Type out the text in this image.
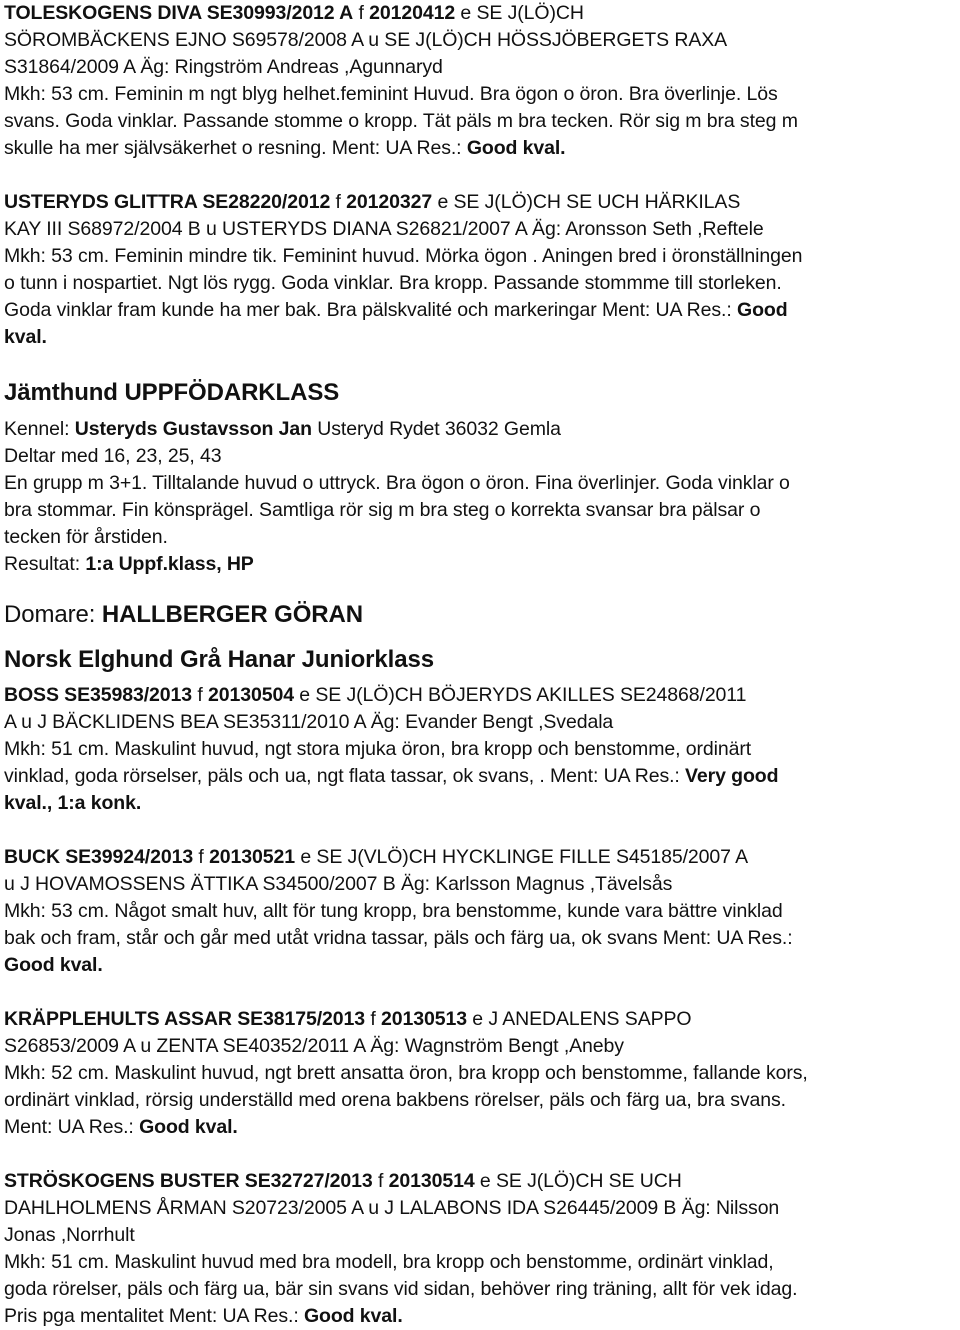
TOLESKOGENS DIVA SE30993/2012 A f 20120412 e SE J(LÖ)CH
SÖROMBÄCKENS EJNO S69578/2008 A u SE J(LÖ)CH HÖSSJÖBERGETS RAXA
S31864/2009 A Äg: Ringström Andreas ,Agunnaryd
Mkh: 53 cm. Feminin m ngt blyg helhet.feminint Huvud. Bra ögon o öron. Bra överlinje. Lös
svans. Goda vinklar. Passande stomme o kropp. Tät päls m bra tecken. Rör sig m bra steg m
skulle ha mer självsäkerhet o resning. Ment: UA Res.: Good kval.
USTERYDS GLITTRA SE28220/2012 f 20120327 e SE J(LÖ)CH SE UCH HÄRKILAS
KAY III S68972/2004 B u USTERYDS DIANA S26821/2007 A Äg: Aronsson Seth ,Reftele
Mkh: 53 cm. Feminin mindre tik. Feminint huvud. Mörka ögon . Aningen bred i öronställningen
o tunn i nospartiet. Ngt lös rygg. Goda vinklar. Bra kropp. Passande stommme till storleken.
Goda vinklar fram kunde ha mer bak. Bra pälskvalité och markeringar Ment: UA Res.: Good
kval.
Jämthund UPPFÖDARKLASS
Kennel: Usteryds Gustavsson Jan Usteryd Rydet 36032 Gemla
Deltar med 16, 23, 25, 43
En grupp m 3+1. Tilltalande huvud o uttryck. Bra ögon o öron. Fina överlinjer. Goda vinklar o
bra stommar. Fin könsprägel. Samtliga rör sig m bra steg o korrekta svansar bra pälsar o
tecken för årstiden.
Resultat: 1:a Uppf.klass, HP
Domare: HALLBERGER GÖRAN
Norsk Elghund Grå Hanar Juniorklass
BOSS SE35983/2013 f 20130504 e SE J(LÖ)CH BÖJERYDS AKILLES SE24868/2011
A u J BÄCKLIDENS BEA SE35311/2010 A Äg: Evander Bengt ,Svedala
Mkh: 51 cm. Maskulint huvud, ngt stora mjuka öron, bra kropp och benstomme, ordinärt
vinklad, goda rörselser, päls och ua, ngt flata tassar, ok svans, . Ment: UA Res.: Very good
kval., 1:a konk.
BUCK SE39924/2013 f 20130521 e SE J(VLÖ)CH HYCKLINGE FILLE S45185/2007 A
u J HOVAMOSSENS ÄTTIKA S34500/2007 B Äg: Karlsson Magnus ,Tävelsås
Mkh: 53 cm. Något smalt huv, allt för tung kropp, bra benstomme, kunde vara bättre vinklad
bak och fram, står och går med utåt vridna tassar, päls och färg ua, ok svans Ment: UA Res.:
Good kval.
KRÄPPLEHULTS ASSAR SE38175/2013 f 20130513 e J ANEDALENS SAPPO
S26853/2009 A u ZENTA SE40352/2011 A Äg: Wagnström Bengt ,Aneby
Mkh: 52 cm. Maskulint huvud, ngt brett ansatta öron, bra kropp och benstomme, fallande kors,
ordinärt vinklad, rörsig underställd med orena bakbens rörelser, päls och färg ua, bra svans.
Ment: UA Res.: Good kval.
STRÖSKOGENS BUSTER SE32727/2013 f 20130514 e SE J(LÖ)CH SE UCH
DAHLHOLMENS ÅRMAN S20723/2005 A u J LALABONS IDA S26445/2009 B Äg: Nilsson
Jonas ,Norrhult
Mkh: 51 cm. Maskulint huvud med bra modell, bra kropp och benstomme, ordinärt vinklad,
goda rörelser, päls och färg ua, bär sin svans vid sidan, behöver ring träning, allt för vek idag.
Pris pga mentalitet Ment: UA Res.: Good kval.
